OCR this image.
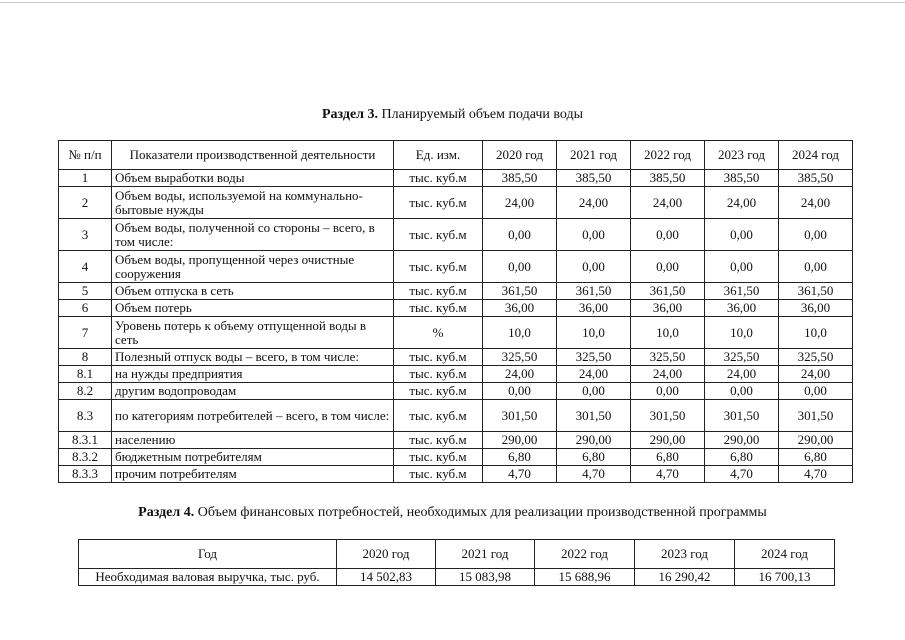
Раздел 3. Планируемый объем подачи воды
№ п/п	Показатели производственной деятельности	Ед. изм.	2020 год	2021 год	2022 год	2023 год	2024 год
1	Объем выработки воды	тыс. куб.м	385,50	385,50	385,50	385,50	385,50
2	Объем воды, используемой на коммунально-бытовые нужды	тыс. куб.м	24,00	24,00	24,00	24,00	24,00
3	Объем воды, полученной со стороны – всего, в том числе:	тыс. куб.м	0,00	0,00	0,00	0,00	0,00
4	Объем воды, пропущенной через очистные сооружения	тыс. куб.м	0,00	0,00	0,00	0,00	0,00
5	Объем отпуска в сеть	тыс. куб.м	361,50	361,50	361,50	361,50	361,50
6	Объем потерь	тыс. куб.м	36,00	36,00	36,00	36,00	36,00
7	Уровень потерь к объему отпущенной воды в сеть	%	10,0	10,0	10,0	10,0	10,0
8	Полезный отпуск воды – всего, в том числе:	тыс. куб.м	325,50	325,50	325,50	325,50	325,50
8.1	на нужды предприятия	тыс. куб.м	24,00	24,00	24,00	24,00	24,00
8.2	другим водопроводам	тыс. куб.м	0,00	0,00	0,00	0,00	0,00
8.3	по категориям потребителей – всего, в том числе:	тыс. куб.м	301,50	301,50	301,50	301,50	301,50
8.3.1	населению	тыс. куб.м	290,00	290,00	290,00	290,00	290,00
8.3.2	бюджетным потребителям	тыс. куб.м	6,80	6,80	6,80	6,80	6,80
8.3.3	прочим потребителям	тыс. куб.м	4,70	4,70	4,70	4,70	4,70
Раздел 4. Объем финансовых потребностей, необходимых для реализации производственной программы
Год	2020 год	2021 год	2022 год	2023 год	2024 год
Необходимая валовая выручка, тыс. руб.	14 502,83	15 083,98	15 688,96	16 290,42	16 700,13
